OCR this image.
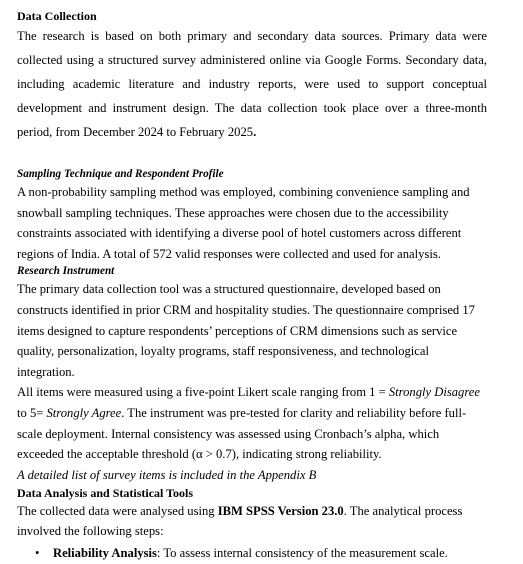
Data Collection

The research is based on both primary and secondary data sources. Primary data were collected using a structured survey administered online via Google Forms. Secondary data, including academic literature and industry reports, were used to support conceptual development and instrument design. The data collection took place over a three-month period, from December 2024 to February 2025.

Sampling Technique and Respondent Profile

A non-probability sampling method was employed, combining convenience sampling and snowball sampling techniques. These approaches were chosen due to the accessibility constraints associated with identifying a diverse pool of hotel customers across different regions of India. A total of 572 valid responses were collected and used for analysis.

Research Instrument

The primary data collection tool was a structured questionnaire, developed based on constructs identified in prior CRM and hospitality studies. The questionnaire comprised 17 items designed to capture respondents’ perceptions of CRM dimensions such as service quality, personalization, loyalty programs, staff responsiveness, and technological integration.

All items were measured using a five-point Likert scale ranging from 1 = Strongly Disagree to 5= Strongly Agree. The instrument was pre-tested for clarity and reliability before full-scale deployment. Internal consistency was assessed using Cronbach’s alpha, which exceeded the acceptable threshold (α > 0.7), indicating strong reliability.

A detailed list of survey items is included in the Appendix B

Data Analysis and Statistical Tools

The collected data were analysed using IBM SPSS Version 23.0. The analytical process involved the following steps:

• Reliability Analysis: To assess internal consistency of the measurement scale.
